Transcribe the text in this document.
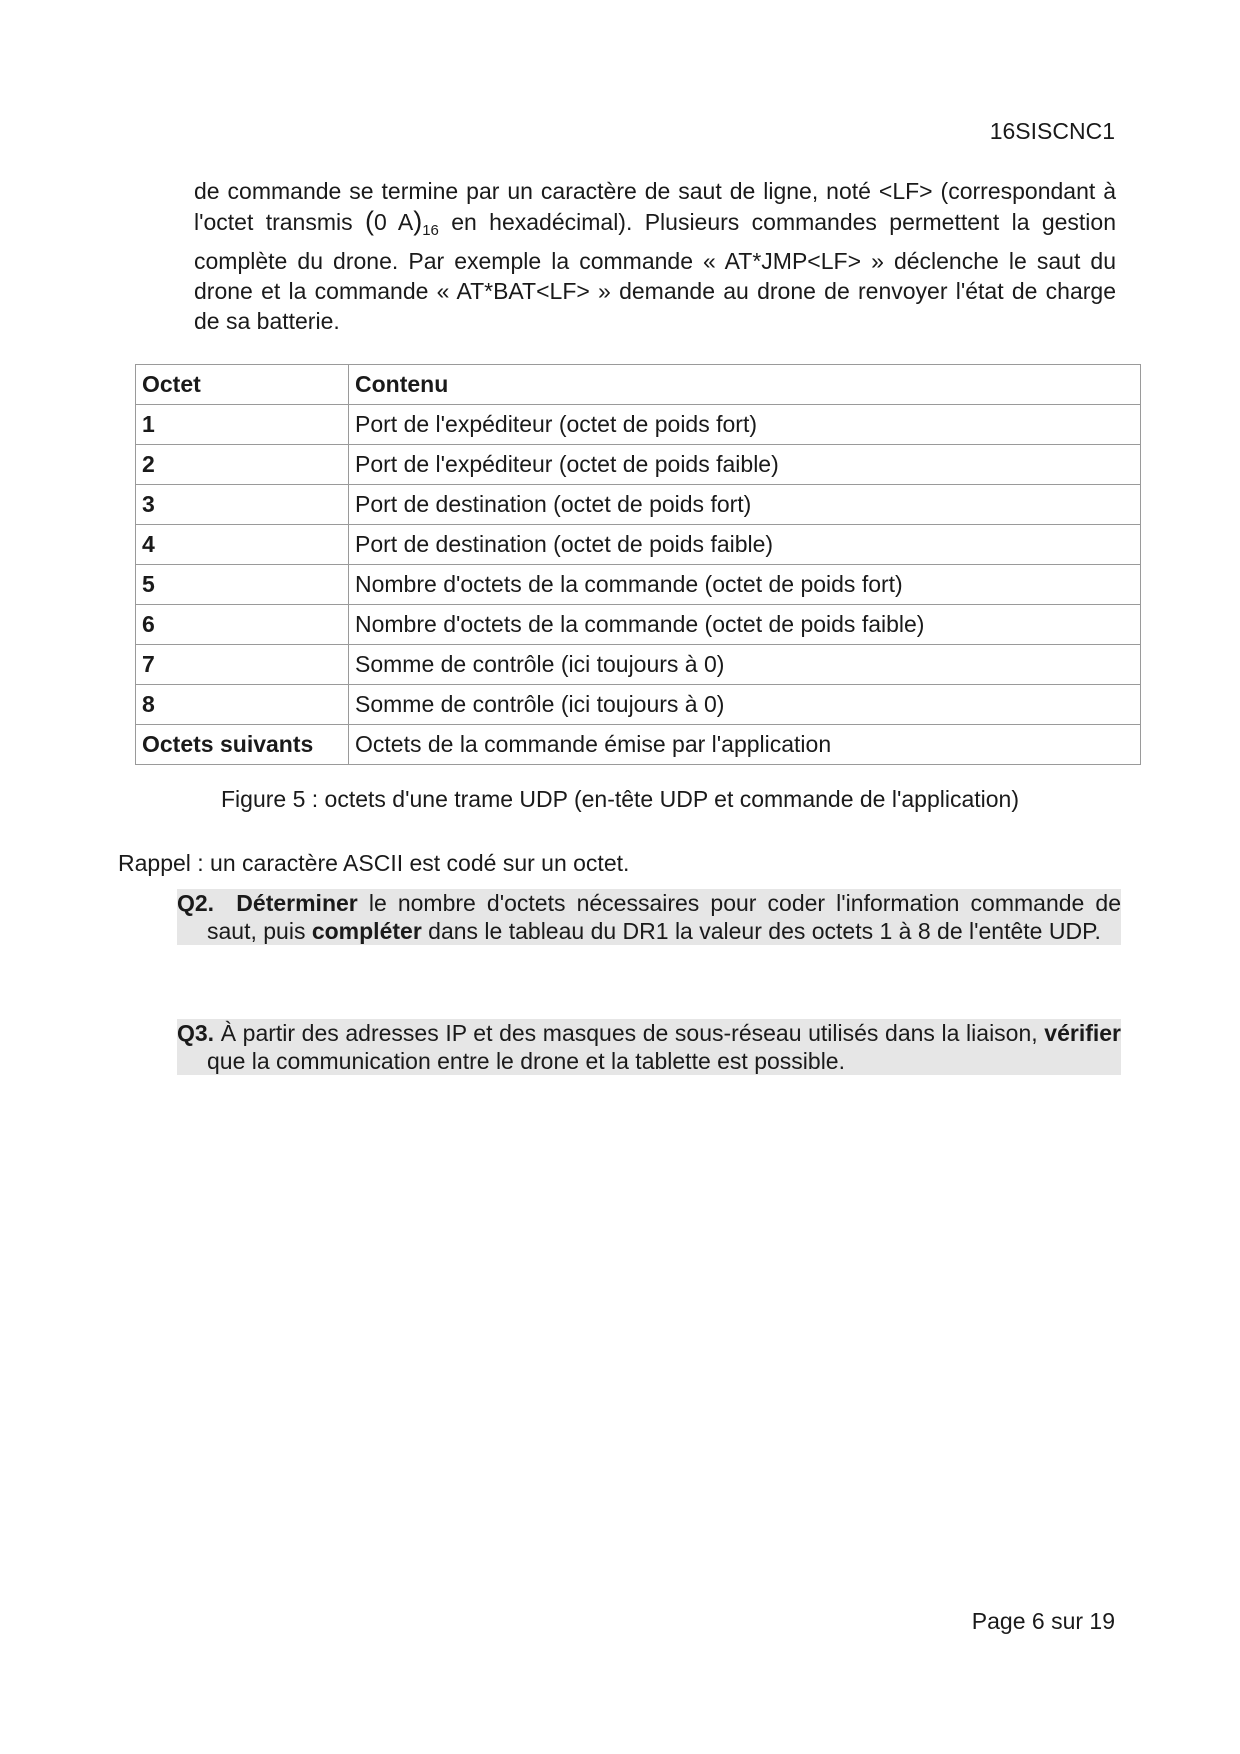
16SISCNC1

de commande se termine par un caractère de saut de ligne, noté <LF> (correspondant à l'octet transmis (0 $A)_{16}$ en hexadécimal). Plusieurs commandes permettent la gestion complète du drone. Par exemple la commande « AT*JMP<LF> » déclenche le saut du drone et la commande « AT*BAT<LF> » demande au drone de renvoyer l'état de charge de sa batterie.

Octet	Contenu
1	Port de l'expéditeur (octet de poids fort)
2	Port de l'expéditeur (octet de poids faible)
3	Port de destination (octet de poids fort)
4	Port de destination (octet de poids faible)
5	Nombre d'octets de la commande (octet de poids fort)
6	Nombre d'octets de la commande (octet de poids faible)
7	Somme de contrôle (ici toujours à 0)
8	Somme de contrôle (ici toujours à 0)
Octets suivants	Octets de la commande émise par l'application

Figure 5 : octets d'une trame UDP (en-tête UDP et commande de l'application)

Rappel : un caractère ASCII est codé sur un octet.

Q2. Déterminer le nombre d'octets nécessaires pour coder l'information commande de saut, puis compléter dans le tableau du DR1 la valeur des octets 1 à 8 de l'entête UDP.
Q3. À partir des adresses IP et des masques de sous-réseau utilisés dans la liaison, vérifier que la communication entre le drone et la tablette est possible.
Page 6 sur 19
